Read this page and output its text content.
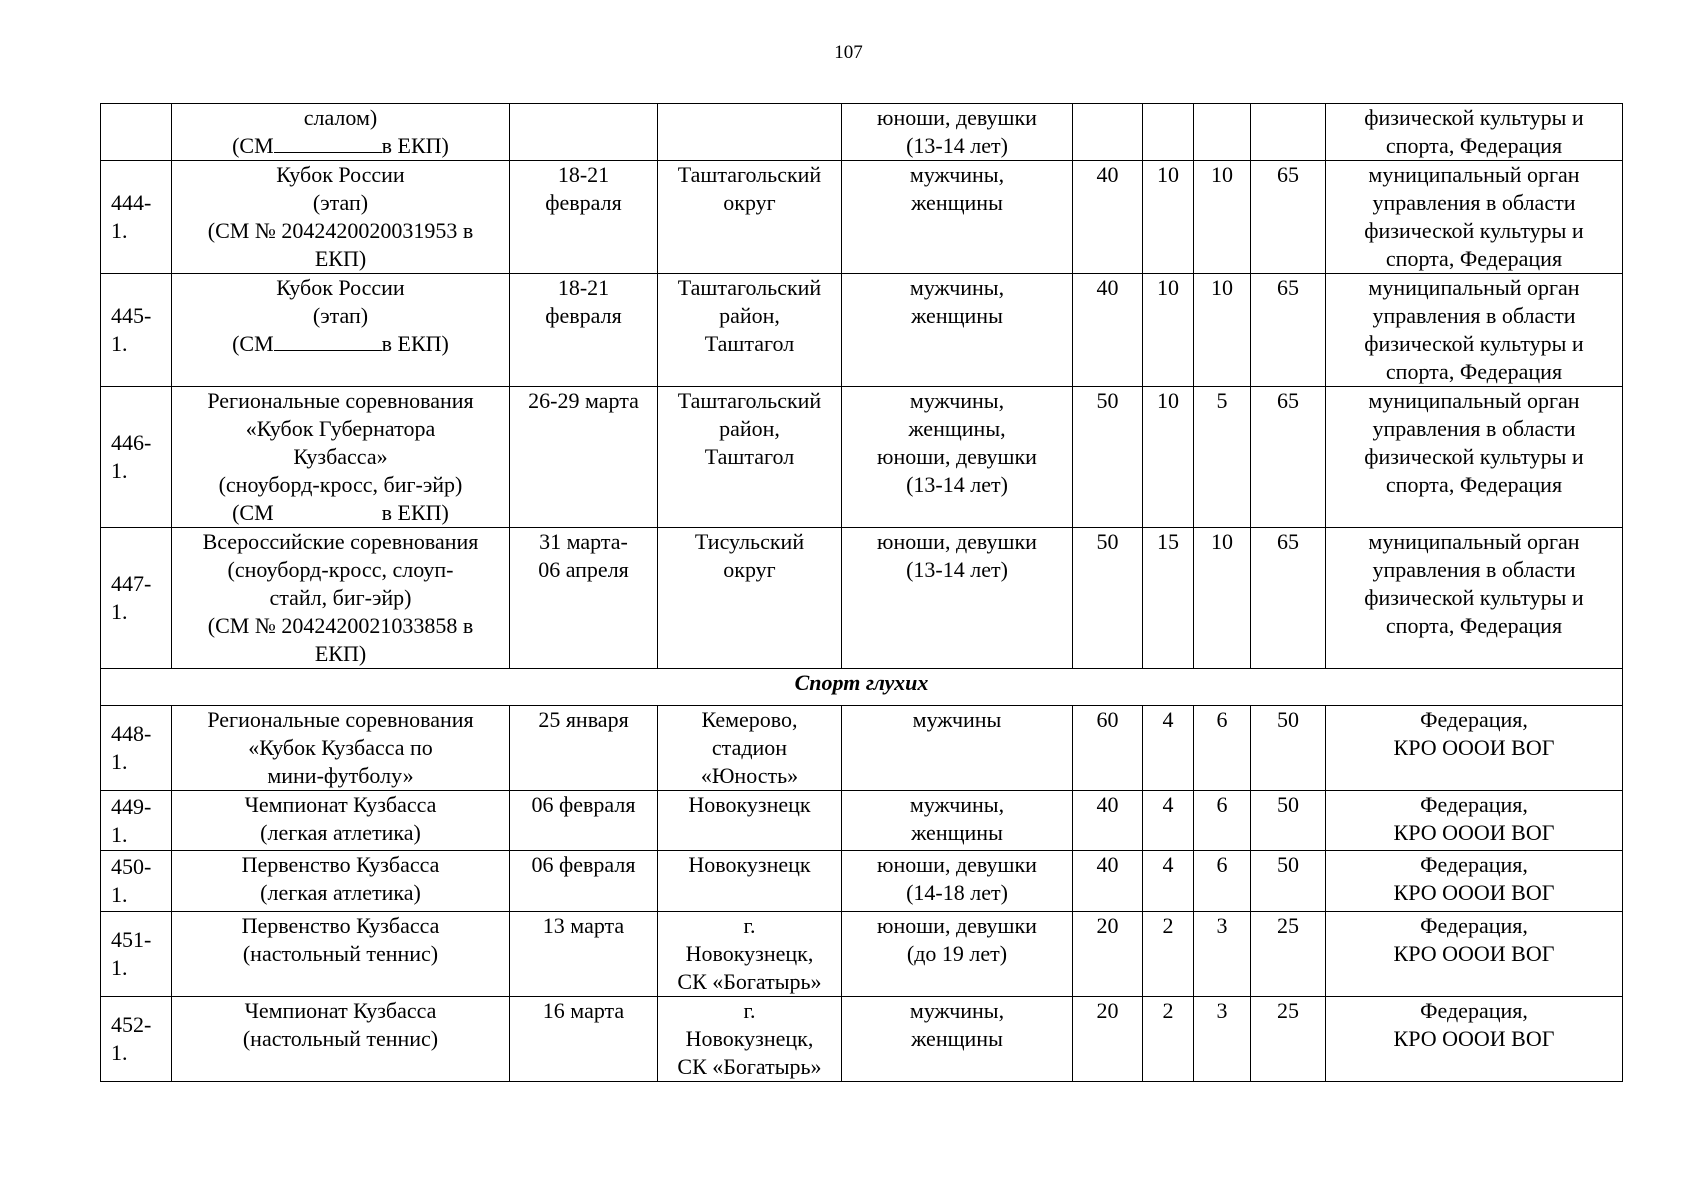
107

	слалом)
(СМ в ЕКП)			юноши, девушки
(13-14 лет)					физической культуры и
спорта, Федерация

444-1.	Кубок России
(этап)
(СМ № 2042420020031953 в
ЕКП)	18-21
февраля	Таштагольский
округ	мужчины,
женщины	40	10	10	65	муниципальный орган
управления в области
физической культуры и
спорта, Федерация

445-1.	Кубок России
(этап)
(СМ в ЕКП)	18-21
февраля	Таштагольский
район,
Таштагол	мужчины,
женщины	40	10	10	65	муниципальный орган
управления в области
физической культуры и
спорта, Федерация

446-1.	Региональные соревнования
«Кубок Губернатора
Кузбасса»
(сноуборд-кросс, биг-эйр)
(СМ в ЕКП)	26-29 марта	Таштагольский
район,
Таштагол	мужчины,
женщины,
юноши, девушки
(13-14 лет)	50	10	5	65	муниципальный орган
управления в области
физической культуры и
спорта, Федерация

447-1.	Всероссийские соревнования
(сноуборд-кросс, слоуп-
стайл, биг-эйр)
(СМ № 2042420021033858 в
ЕКП)	31 марта-
06 апреля	Тисульский
округ	юноши, девушки
(13-14 лет)	50	15	10	65	муниципальный орган
управления в области
физической культуры и
спорта, Федерация

Спорт глухих									
448-1.	Региональные соревнования
«Кубок Кузбасса по
мини-футболу»	25 января	Кемерово,
стадион
«Юность»	мужчины	60	4	6	50	Федерация,
КРО ОООИ ВОГ

449-1.	Чемпионат Кузбасса
(легкая атлетика)	06 февраля	Новокузнецк	мужчины,
женщины	40	4	6	50	Федерация,
КРО ОООИ ВОГ

450-1.	Первенство Кузбасса
(легкая атлетика)	06 февраля	Новокузнецк	юноши, девушки
(14-18 лет)	40	4	6	50	Федерация,
КРО ОООИ ВОГ

451-1.	Первенство Кузбасса
(настольный теннис)	13 марта	г.
Новокузнецк,
СК «Богатырь»	юноши, девушки
(до 19 лет)	20	2	3	25	Федерация,
КРО ОООИ ВОГ

452-1.	Чемпионат Кузбасса
(настольный теннис)	16 марта	г.
Новокузнецк,
СК «Богатырь»	мужчины,
женщины	20	2	3	25	Федерация,
КРО ОООИ ВОГ
